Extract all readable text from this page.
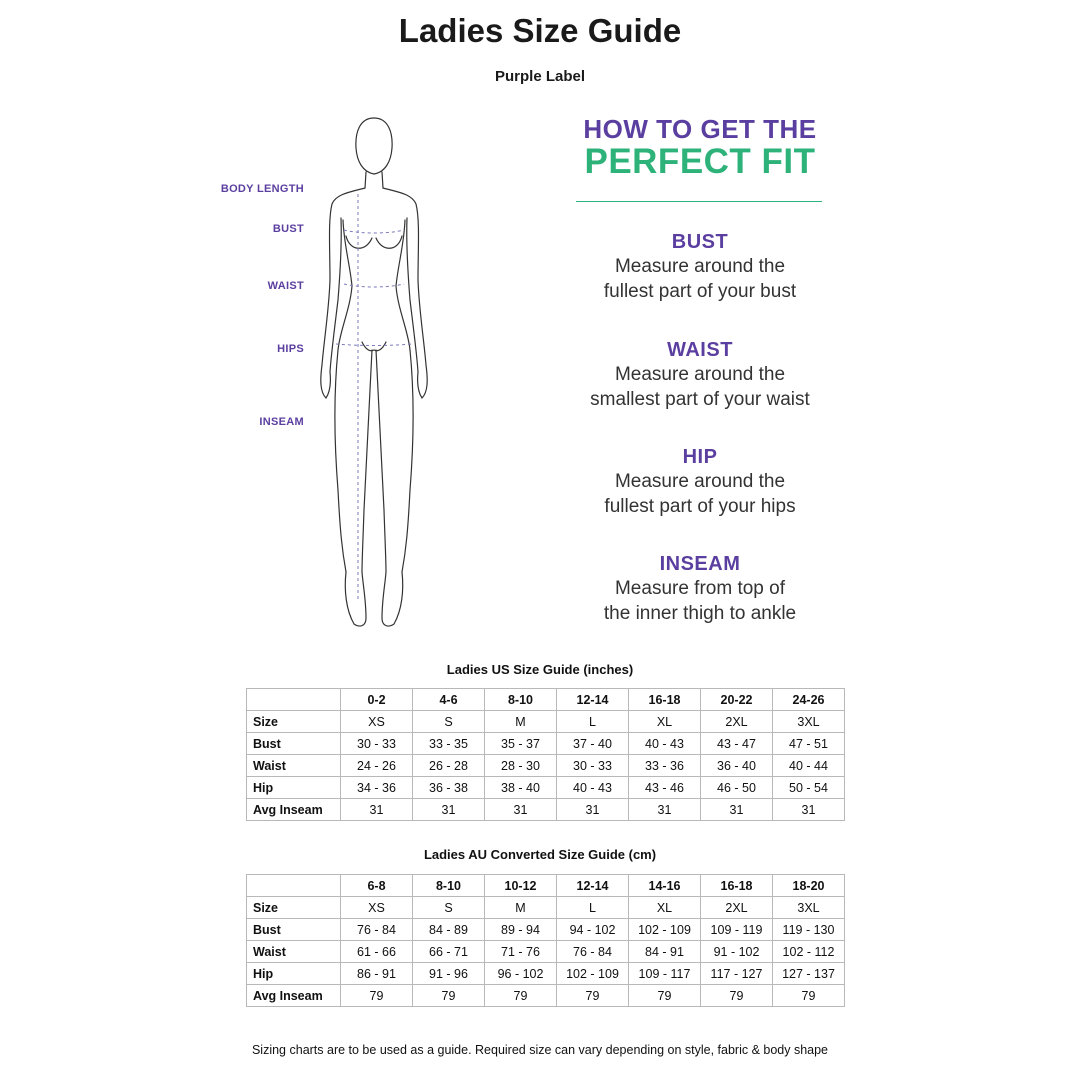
Ladies Size Guide
Purple Label
BODY LENGTH
BUST
WAIST
HIPS
INSEAM
HOW TO GET THE
PERFECT FIT
BUST
Measure around the
fullest part of your bust
WAIST
Measure around the
smallest part of your waist
HIP
Measure around the
fullest part of your hips
INSEAM
Measure from top of
the inner thigh to ankle
Ladies US Size Guide (inches)
	0-2	4-6	8-10	12-14	16-18	20-22	24-26
Size	XS	S	M	L	XL	2XL	3XL
Bust	30 - 33	33 - 35	35 - 37	37 - 40	40 - 43	43 - 47	47 - 51
Waist	24 - 26	26 - 28	28 - 30	30 - 33	33 - 36	36 - 40	40 - 44
Hip	34 - 36	36 - 38	38 - 40	40 - 43	43 - 46	46 - 50	50 - 54
Avg Inseam	31	31	31	31	31	31	31
Ladies AU Converted Size Guide (cm)
	6-8	8-10	10-12	12-14	14-16	16-18	18-20
Size	XS	S	M	L	XL	2XL	3XL
Bust	76 - 84	84 - 89	89 - 94	94 - 102	102 - 109	109 - 119	119 - 130
Waist	61 - 66	66 - 71	71 - 76	76 - 84	84 - 91	91 - 102	102 - 112
Hip	86 - 91	91 - 96	96 - 102	102 - 109	109 - 117	117 - 127	127 - 137
Avg Inseam	79	79	79	79	79	79	79
Sizing charts are to be used as a guide. Required size can vary depending on style, fabric & body shape
